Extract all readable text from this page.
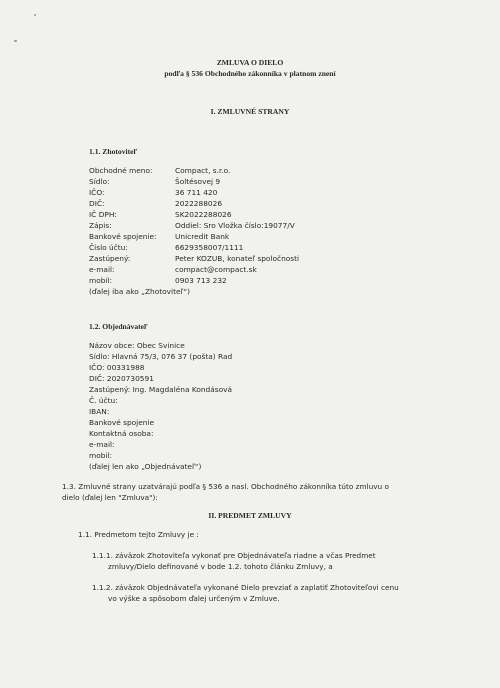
ZMLUVA O DIELO
podľa § 536 Obchodného zákonníka v platnom znení
I. ZMLUVNÉ STRANY
1.1. Zhotoviteľ
Obchodné meno:	Compact, s.r.o.
Sídlo:	Šoltésovej 9
IČO:	36 711 420
DIČ:	2022288026
IČ DPH:	SK2022288026
Zápis:	Oddiel: Sro Vložka číslo:19077/V
Bankové spojenie: Unicredit Bank
Číslo účtu:	6629358007/1111
Zastúpený:	Peter KOZUB, konateľ spoločnosti
e-mail:	compact@compact.sk
mobil:	0903 713 232
(ďalej iba ako „Zhotoviteľ“)
1.2. Objednávateľ
Názov obce: Obec Svinice
Sídlo: Hlavná 75/3, 076 37 (pošta) Rad
IČO: 00331988
DIČ: 2020730591
Zastúpený: Ing. Magdaléna Kondásová
Č. účtu:
IBAN:
Bankové spojenie
Kontaktná osoba:
e-mail:
mobil:
(ďalej len ako „Objednávateľ“)
1.3. Zmluvné strany uzatvárajú podľa § 536 a nasl. Obchodného zákonníka túto zmluvu o
dielo (ďalej len "Zmluva"):
II. PREDMET ZMLUVY
1.1. Predmetom tejto Zmluvy je :
1.1.1. záväzok Zhotoviteľa vykonať pre Objednávateľa riadne a včas Predmet
zmluvy/Dielo definované v bode 1.2. tohoto článku Zmluvy, a
1.1.2. záväzok Objednávateľa vykonané Dielo prevziať a zaplatiť Zhotoviteľovi cenu
vo výške a spôsobom ďalej určeným v Zmluve.
